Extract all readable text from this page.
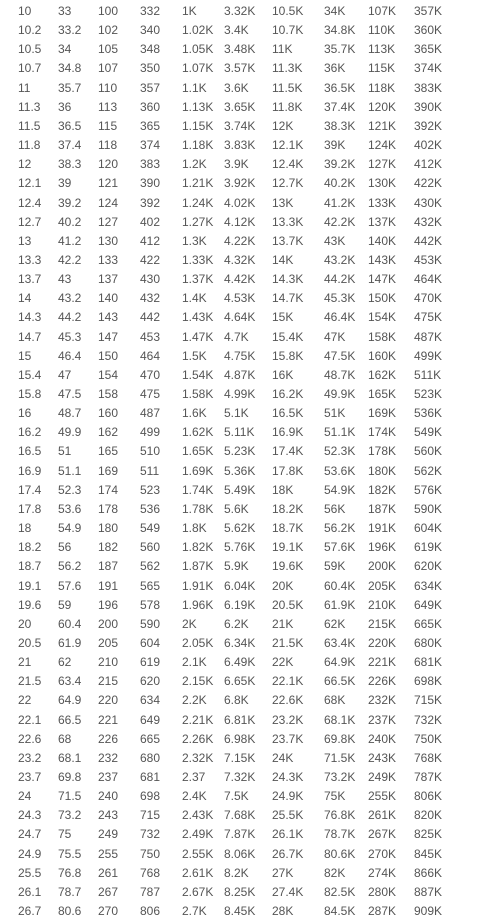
10 33 100 332 1K 3.32K 10.5K 34K 107K 357K
10.2 33.2 102 340 1.02K 3.4K 10.7K 34.8K 110K 360K
10.5 34 105 348 1.05K 3.48K 11K	35.7K 113K 365K
10.7 34.8 107 350 1.07K 3.57K 11.3K 36K 115K 374K
11 35.7 110 357 1.1K 3.6K 11.5K 36.5K 118K 383K
11.3 36 113 360 1.13K 3.65K 11.8K 37.4K 120K 390K
11.5 36.5 115 365 1.15K 3.74K 12K	38.3K 121K 392K
11.8 37.4 118 374 1.18K 3.83K 12.1K 39K 124K 402K
12 38.3 120 383 1.2K 3.9K 12.4K 39.2K 127K 412K
12.1 39 121 390 1.21K 3.92K 12.7K 40.2K 130K 422K
12.4 39.2 124 392 1.24K 4.02K 13K	41.2K 133K 430K
12.7 40.2 127 402 1.27K 4.12K 13.3K 42.2K 137K 432K
13 41.2 130 412 1.3K 4.22K 13.7K 43K 140K 442K
13.3 42.2 133 422 1.33K 4.32K 14K	43.2K 143K 453K
13.7 43 137 430 1.37K 4.42K 14.3K 44.2K 147K 464K
14 43.2 140 432 1.4K 4.53K 14.7K 45.3K 150K 470K
14.3 44.2 143 442 1.43K 4.64K 15K	46.4K 154K 475K
14.7 45.3 147 453 1.47K 4.7K 15.4K 47K 158K 487K
15 46.4 150 464 1.5K 4.75K 15.8K 47.5K 160K 499K
15.4 47 154 470 1.54K 4.87K 16K	48.7K 162K 511K
15.8 47.5 158 475 1.58K 4.99K 16.2K 49.9K 165K 523K
16 48.7 160 487 1.6K 5.1K 16.5K 51K 169K 536K
16.2 49.9 162 499 1.62K 5.11K 16.9K 51.1K 174K 549K
16.5 51 165 510 1.65K 5.23K 17.4K 52.3K 178K 560K
16.9 51.1 169 511 1.69K 5.36K 17.8K 53.6K 180K 562K
17.4 52.3 174 523 1.74K 5.49K 18K	54.9K 182K 576K
17.8 53.6 178 536 1.78K 5.6K 18.2K 56K 187K 590K
18 54.9 180 549 1.8K 5.62K 18.7K 56.2K 191K 604K
18.2 56 182 560 1.82K 5.76K 19.1K 57.6K 196K 619K
18.7 56.2 187 562 1.87K 5.9K 19.6K 59K 200K 620K
19.1 57.6 191 565 1.91K 6.04K 20K	60.4K 205K 634K
19.6 59 196 578 1.96K 6.19K 20.5K 61.9K 210K 649K
20 60.4 200 590 2K 6.2K 21K	62K 215K 665K
20.5 61.9 205 604 2.05K 6.34K 21.5K 63.4K 220K 680K
21 62 210 619 2.1K 6.49K 22K	64.9K 221K 681K
21.5 63.4 215 620 2.15K 6.65K 22.1K 66.5K 226K 698K
22 64.9 220 634 2.2K 6.8K 22.6K 68K 232K 715K
22.1 66.5 221 649 2.21K 6.81K 23.2K 68.1K 237K 732K
22.6 68 226 665 2.26K 6.98K 23.7K 69.8K 240K 750K
23.2 68.1 232 680 2.32K 7.15K 24K	71.5K 243K 768K
23.7 69.8 237 681 2.37 7.32K 24.3K 73.2K 249K 787K
24 71.5 240 698 2.4K 7.5K 24.9K 75K 255K 806K
24.3 73.2 243 715 2.43K 7.68K 25.5K 76.8K 261K 820K
24.7 75 249 732 2.49K 7.87K 26.1K 78.7K 267K 825K
24.9 75.5 255 750 2.55K 8.06K 26.7K 80.6K 270K 845K
25.5 76.8 261 768 2.61K 8.2K 27K	82K 274K 866K
26.1 78.7 267 787 2.67K 8.25K 27.4K 82.5K 280K 887K
26.7 80.6 270 806 2.7K 8.45K 28K	84.5K 287K 909K
